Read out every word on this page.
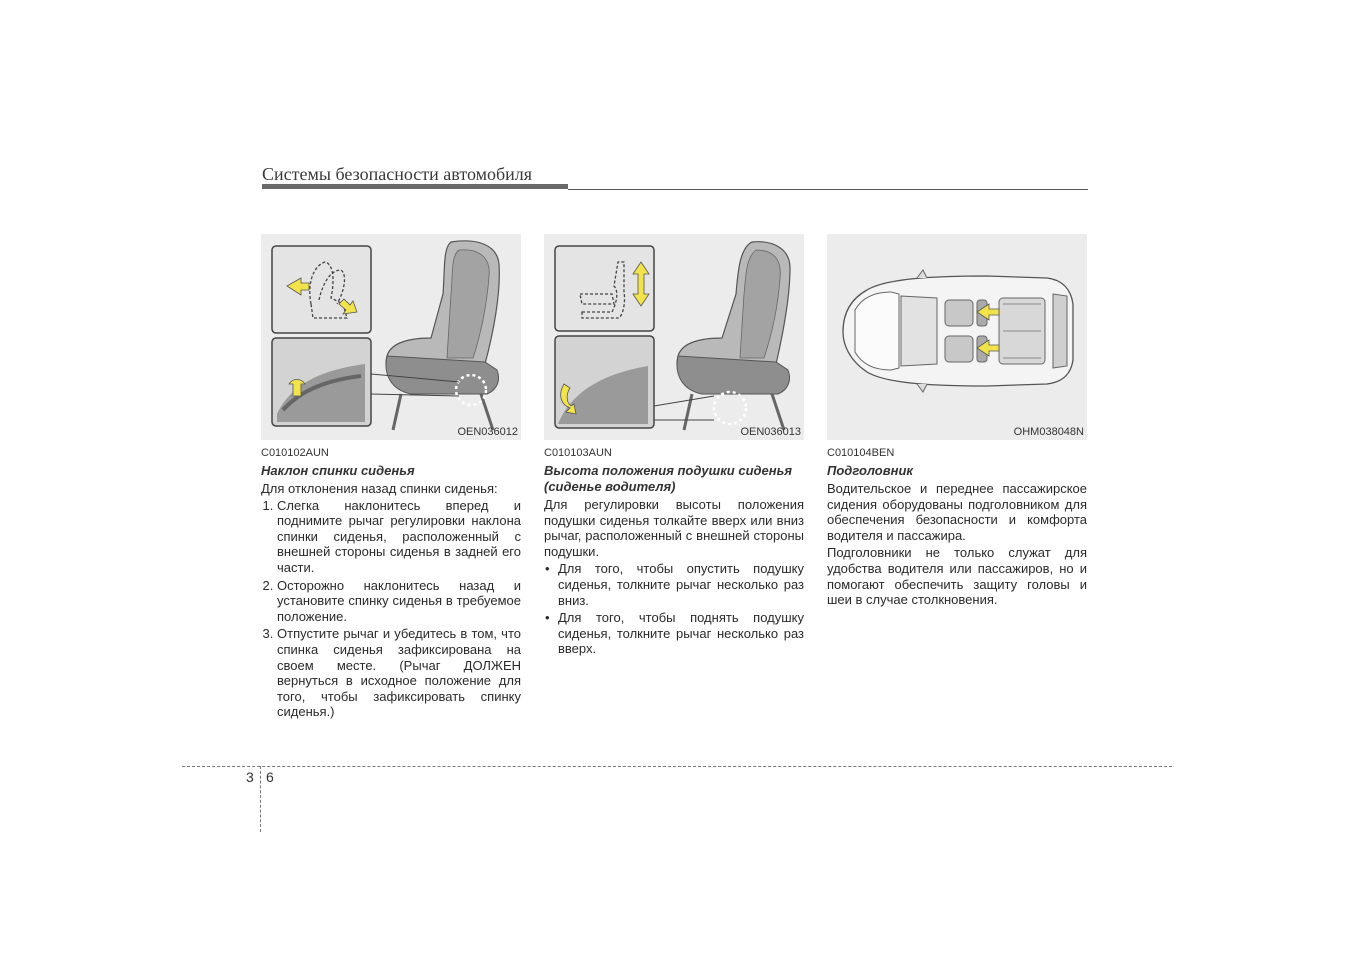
Системы безопасности автомобиля
OEN036012
C010102AUN
Наклон спинки сиденья
Для отклонения назад спинки сиденья:
1. Слегка наклонитесь вперед и поднимите рычаг регулировки наклона спинки сиденья, расположенный с внешней стороны сиденья в задней его части.
2. Осторожно наклонитесь назад и установите спинку сиденья в требуемое положение.
3. Отпустите рычаг и убедитесь в том, что спинка сиденья зафиксирована на своем месте. (Рычаг ДОЛЖЕН вернуться в исходное положение для того, чтобы зафиксировать спинку сиденья.)
OEN036013
C010103AUN
Высота положения подушки сиденья (сиденье водителя)
Для регулировки высоты положения подушки сиденья толкайте вверх или вниз рычаг, расположенный с внешней стороны подушки.
• Для того, чтобы опустить подушку сиденья, толкните рычаг несколько раз вниз.
• Для того, чтобы поднять подушку сиденья, толкните рычаг несколько раз вверх.
OHM038048N
C010104BEN
Подголовник
Водительское и переднее пассажирское сидения оборудованы подголовником для обеспечения безопасности и комфорта водителя и пассажира.
Подголовники не только служат для удобства водителя или пассажиров, но и помогают обеспечить защиту головы и шеи в случае столкновения.
3 6
